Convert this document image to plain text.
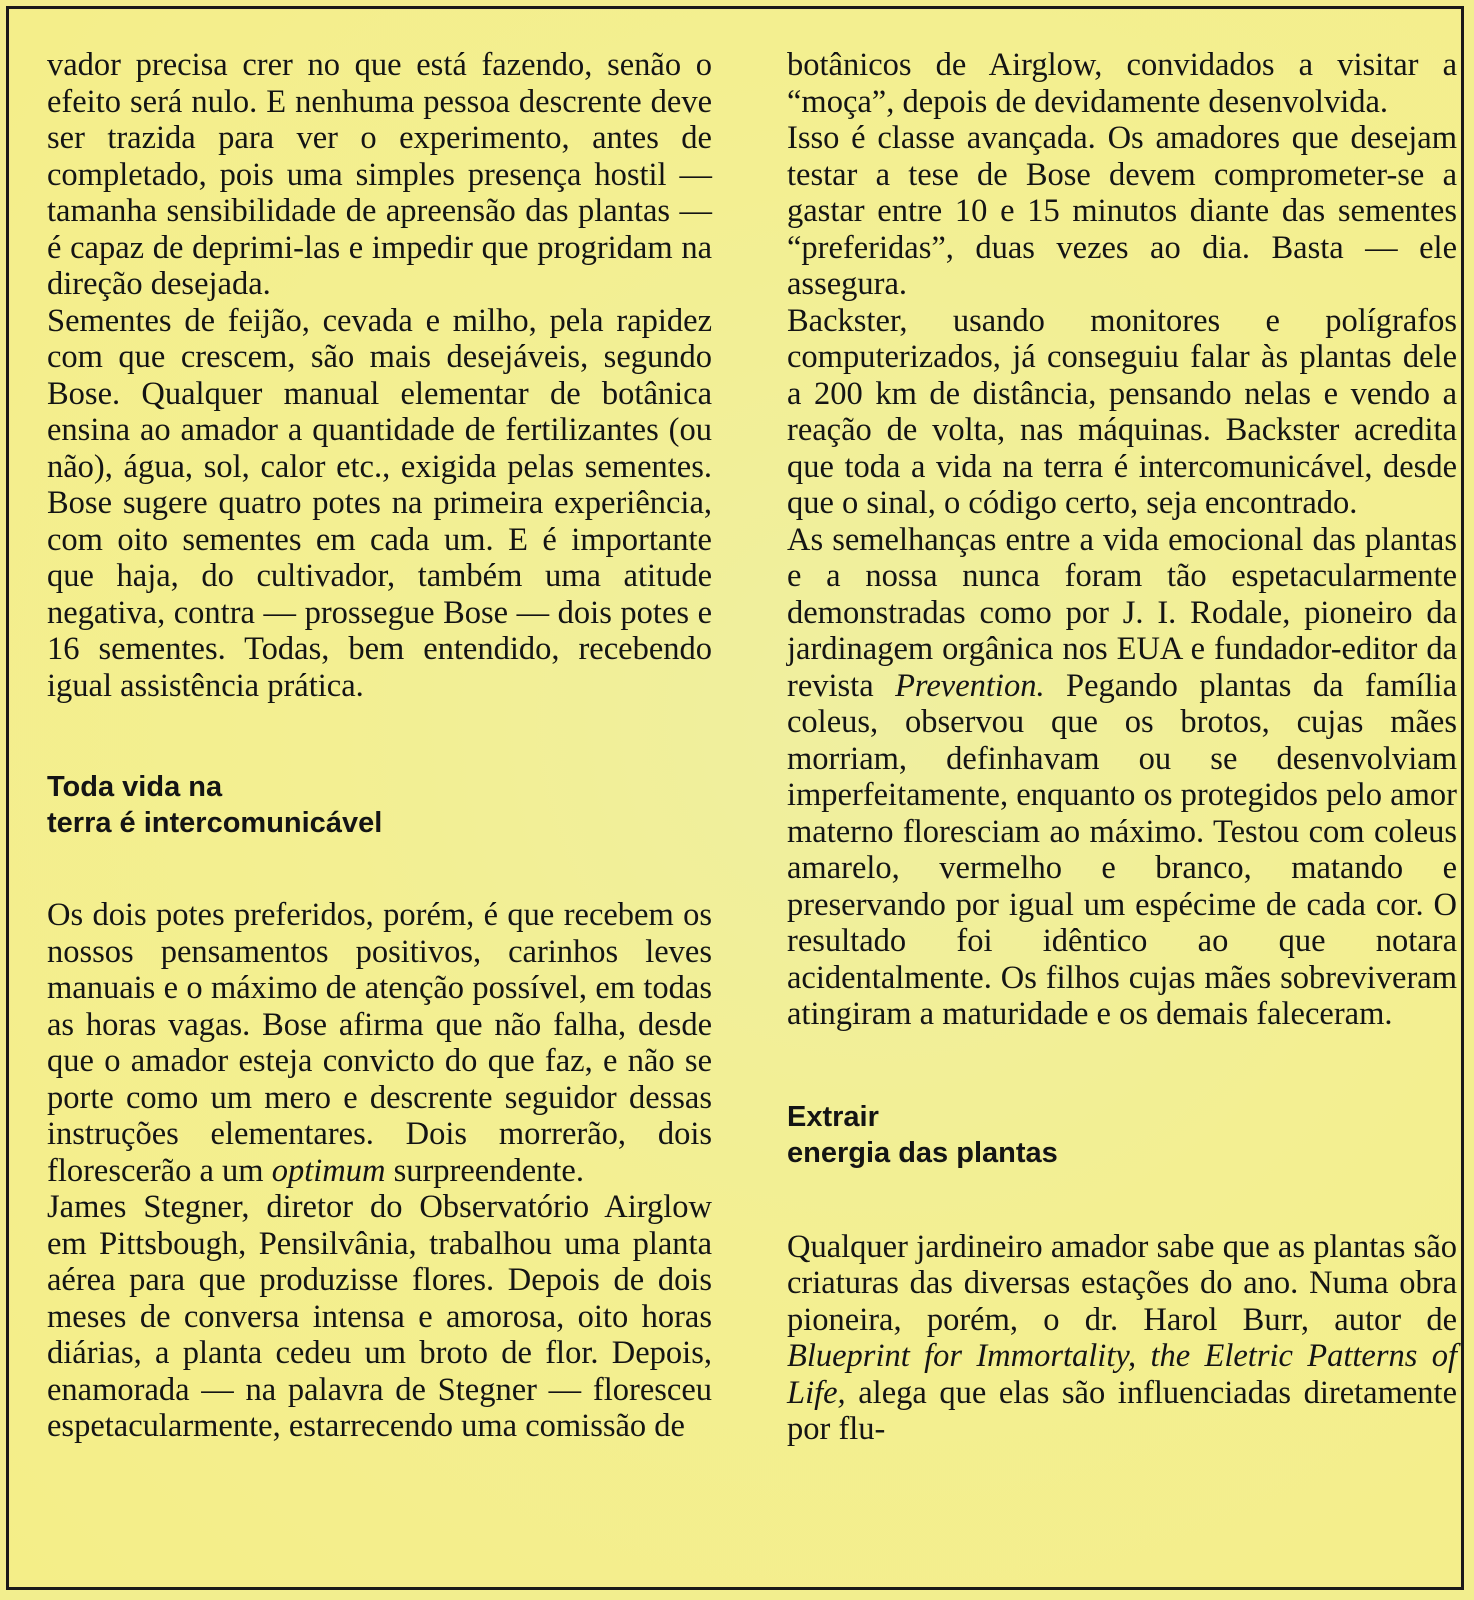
vador precisa crer no que está fazendo, senão o efeito será nulo. E nenhuma pessoa descrente deve ser trazida para ver o experimento, antes de completado, pois uma simples presença hostil — tamanha sensibilidade de apreensão das plantas — é capaz de deprimi-las e impedir que progridam na direção desejada.

Sementes de feijão, cevada e milho, pela rapidez com que crescem, são mais desejáveis, segundo Bose. Qualquer manual elementar de botânica ensina ao amador a quantidade de fertilizantes (ou não), água, sol, calor etc., exigida pelas sementes. Bose sugere quatro potes na primeira experiência, com oito sementes em cada um. E é importante que haja, do cultivador, também uma atitude negativa, contra — prossegue Bose — dois potes e 16 sementes. Todas, bem entendido, recebendo igual assistência prática.

Toda vida na
terra é intercomunicável

Os dois potes preferidos, porém, é que recebem os nossos pensamentos positivos, carinhos leves manuais e o máximo de atenção possível, em todas as horas vagas. Bose afirma que não falha, desde que o amador esteja convicto do que faz, e não se porte como um mero e descrente seguidor dessas instruções elementares. Dois morrerão, dois florescerão a um optimum surpreendente.

James Stegner, diretor do Observatório Airglow em Pittsbough, Pensilvânia, trabalhou uma planta aérea para que produzisse flores. Depois de dois meses de conversa intensa e amorosa, oito horas diárias, a planta cedeu um broto de flor. Depois, enamorada — na palavra de Stegner — floresceu espetacularmente, estarrecendo uma comissão de

botânicos de Airglow, convidados a visitar a “moça”, depois de devidamente desenvolvida.

Isso é classe avançada. Os amadores que desejam testar a tese de Bose devem comprometer-se a gastar entre 10 e 15 minutos diante das sementes “preferidas”, duas vezes ao dia. Basta — ele assegura.

Backster, usando monitores e polígrafos computerizados, já conseguiu falar às plantas dele a 200 km de distância, pensando nelas e vendo a reação de volta, nas máquinas. Backster acredita que toda a vida na terra é intercomunicável, desde que o sinal, o código certo, seja encontrado.

As semelhanças entre a vida emocional das plantas e a nossa nunca foram tão espetacularmente demonstradas como por J. I. Rodale, pioneiro da jardinagem orgânica nos EUA e fundador-editor da revista Prevention. Pegando plantas da família coleus, observou que os brotos, cujas mães morriam, definhavam ou se desenvolviam imperfeitamente, enquanto os protegidos pelo amor materno floresciam ao máximo. Testou com coleus amarelo, vermelho e branco, matando e preservando por igual um espécime de cada cor. O resultado foi idêntico ao que notara acidentalmente. Os filhos cujas mães sobreviveram atingiram a maturidade e os demais faleceram.

Extrair
energia das plantas

Qualquer jardineiro amador sabe que as plantas são criaturas das diversas estações do ano. Numa obra pioneira, porém, o dr. Harol Burr, autor de Blueprint for Immortality, the Eletric Patterns of Life, alega que elas são influenciadas diretamente por flu-
